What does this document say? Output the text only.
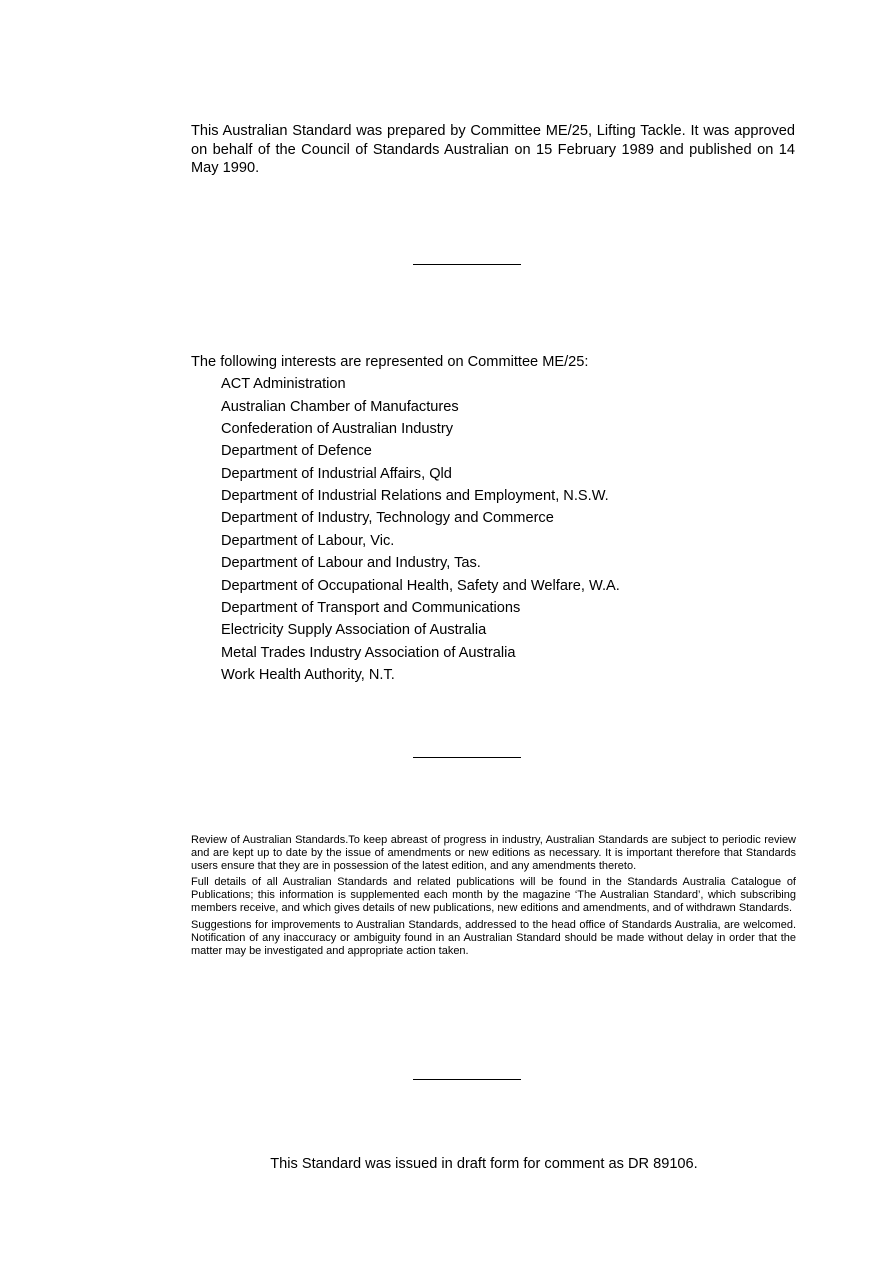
This Australian Standard was prepared by Committee ME/25, Lifting Tackle. It was approved on behalf of the Council of Standards Australian on 15 February 1989 and published on 14 May 1990.

The following interests are represented on Committee ME/25:

ACT Administration
Australian Chamber of Manufactures
Confederation of Australian Industry
Department of Defence
Department of Industrial Affairs, Qld
Department of Industrial Relations and Employment, N.S.W.
Department of Industry, Technology and Commerce
Department of Labour, Vic.
Department of Labour and Industry, Tas.
Department of Occupational Health, Safety and Welfare, W.A.
Department of Transport and Communications
Electricity Supply Association of Australia
Metal Trades Industry Association of Australia
Work Health Authority, N.T.

Review of Australian Standards.To keep abreast of progress in industry, Australian Standards are subject to periodic review and are kept up to date by the issue of amendments or new editions as necessary. It is important therefore that Standards users ensure that they are in possession of the latest edition, and any amendments thereto.

Full details of all Australian Standards and related publications will be found in the Standards Australia Catalogue of Publications; this information is supplemented each month by the magazine ‘The Australian Standard’, which subscribing members receive, and which gives details of new publications, new editions and amendments, and of withdrawn Standards.

Suggestions for improvements to Australian Standards, addressed to the head office of Standards Australia, are welcomed. Notification of any inaccuracy or ambiguity found in an Australian Standard should be made without delay in order that the matter may be investigated and appropriate action taken.

This Standard was issued in draft form for comment as DR 89106.
